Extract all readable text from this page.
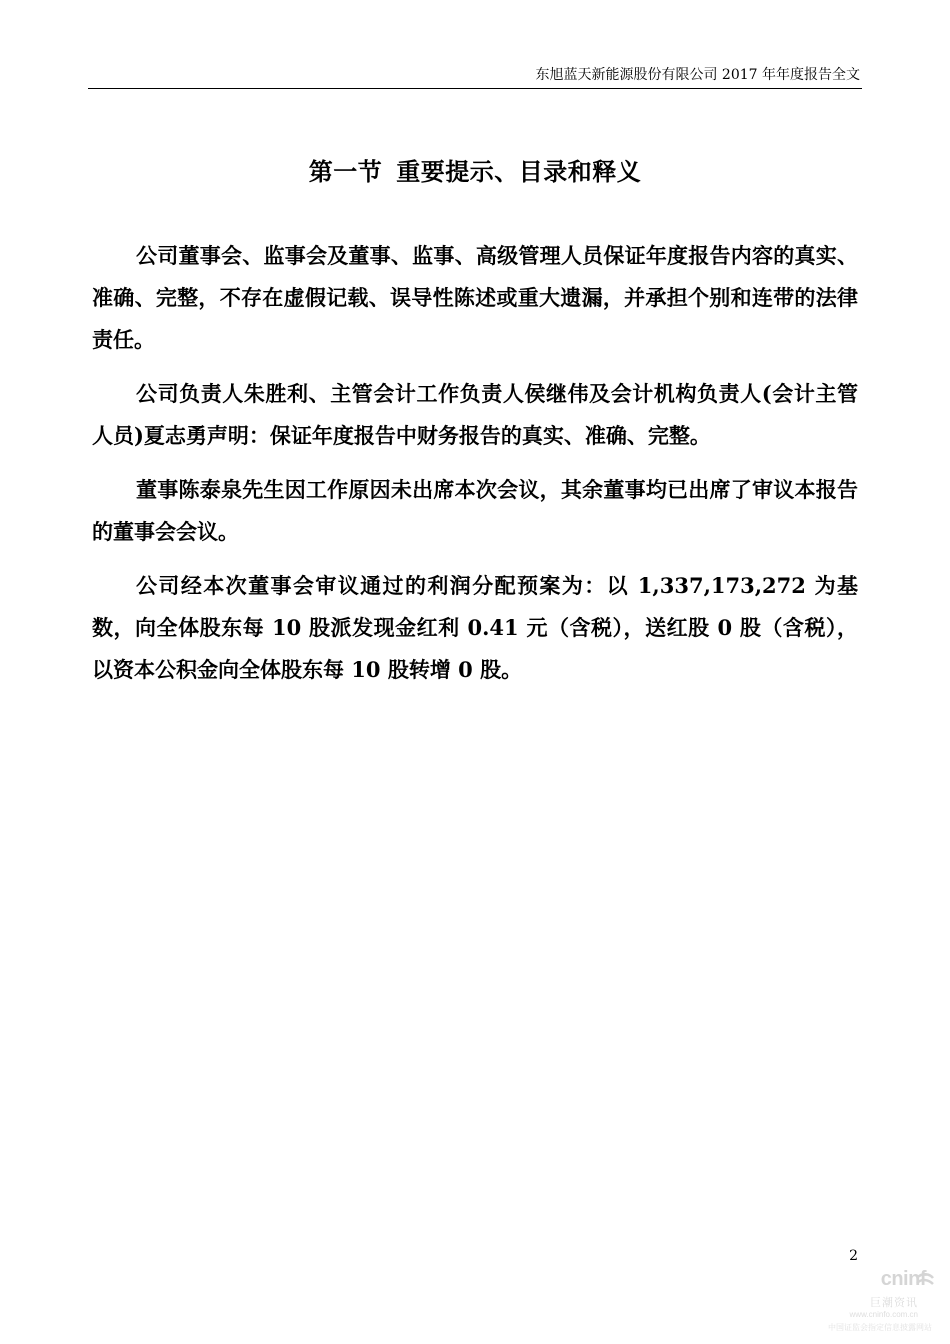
东旭蓝天新能源股份有限公司 2017 年年度报告全文
第一节 重要提示、目录和释义

公司董事会、监事会及董事、监事、高级管理人员保证年度报告内容的真实、准确、完整，不存在虚假记载、误导性陈述或重大遗漏，并承担个别和连带的法律责任。

公司负责人朱胜利、主管会计工作负责人侯继伟及会计机构负责人(会计主管人员)夏志勇声明：保证年度报告中财务报告的真实、准确、完整。

董事陈泰泉先生因工作原因未出席本次会议，其余董事均已出席了审议本报告的董事会会议。

公司经本次董事会审议通过的利润分配预案为：以 1,337,173,272 为基数，向全体股东每 10 股派发现金红利 0.41 元（含税），送红股 0 股（含税），以资本公积金向全体股东每 10 股转增 0 股。

2
cninf
巨潮资讯
www.cninfo.com.cn
中国证监会指定信息披露网站
